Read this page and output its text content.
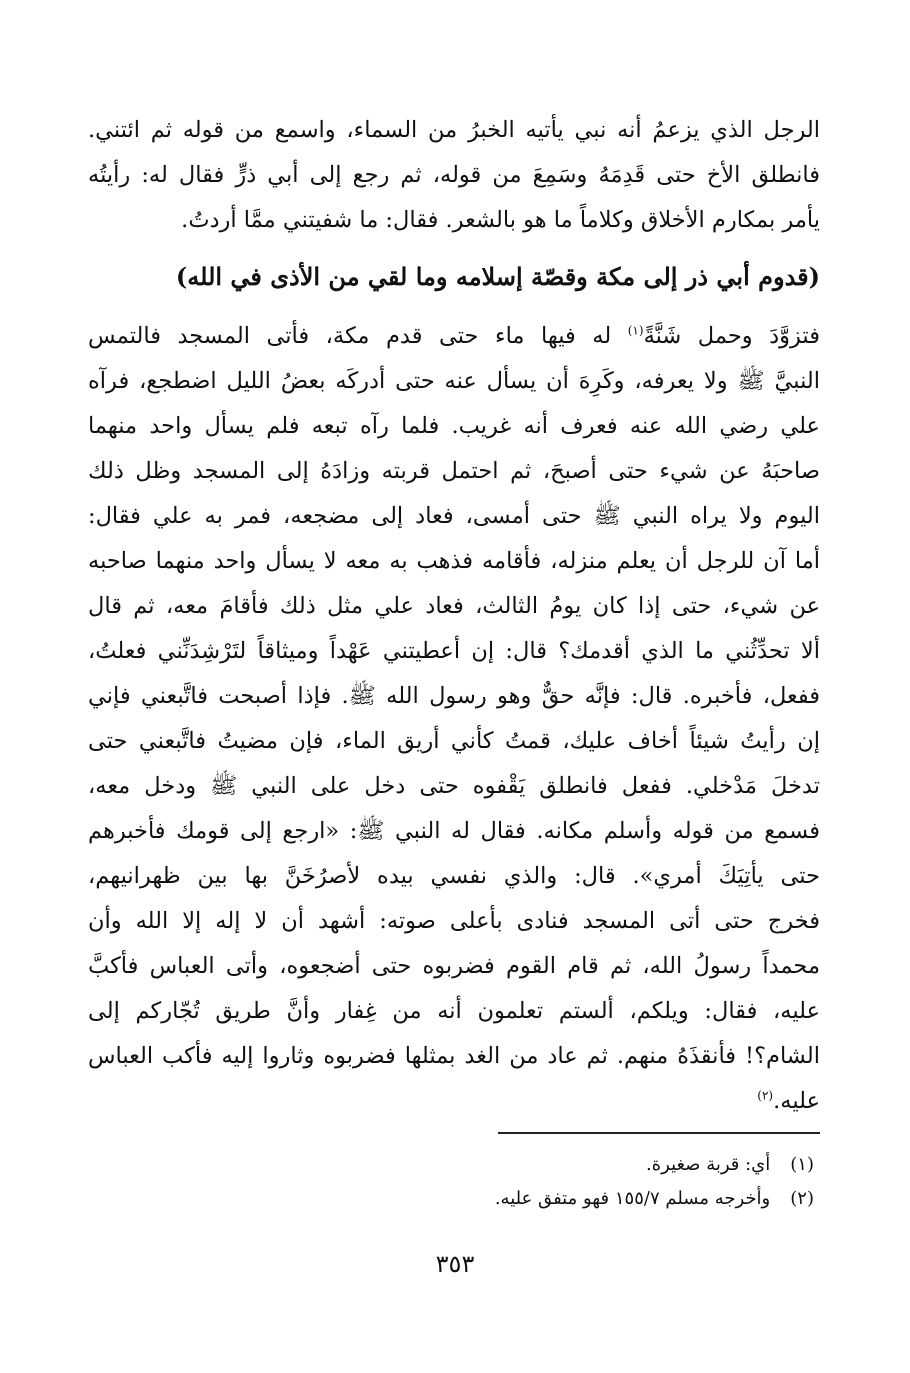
الرجل الذي يزعمُ أنه نبي يأتيه الخبرُ من السماء، واسمع من قوله ثم ائتني.
فانطلق الأخ حتى قَدِمَهُ وسَمِعَ من قوله، ثم رجع إلى أبي ذرٍّ فقال له: رأيتُه
يأمر بمكارم الأخلاق وكلاماً ما هو بالشعر. فقال: ما شفيتني ممَّا أردتُ.
(قدوم أبي ذر إلى مكة وقصّة إسلامه وما لقي من الأذى في الله)
فتزوَّدَ وحمل شَنَّةً$^{(١)}$ له فيها ماء حتى قدم مكة، فأتى المسجد فالتمس
النبيَّ ﷺ ولا يعرفه، وكَرِهَ أن يسأل عنه حتى أدركَه بعضُ الليل اضطجع، فرآه
علي رضي الله عنه فعرف أنه غريب. فلما رآه تبعه فلم يسأل واحد منهما
صاحبَهُ عن شيء حتى أصبحَ، ثم احتمل قربته وزادَهُ إلى المسجد وظل ذلك
اليوم ولا يراه النبي ﷺ حتى أمسى، فعاد إلى مضجعه، فمر به علي فقال:
أما آن للرجل أن يعلم منزله، فأقامه فذهب به معه لا يسأل واحد منهما صاحبه
عن شيء، حتى إذا كان يومُ الثالث، فعاد علي مثل ذلك فأقامَ معه، ثم قال
ألا تحدِّثُني ما الذي أقدمك؟ قال: إن أعطيتني عَهْداً وميثاقاً لتَرْشِدَنِّني فعلتُ،
ففعل، فأخبره. قال: فإنَّه حقٌّ وهو رسول الله ﷺ. فإذا أصبحت فاتَّبعني فإني
إن رأيتُ شيئاً أخاف عليك، قمتُ كأني أريق الماء، فإن مضيتُ فاتَّبعني حتى
تدخلَ مَدْخلي. ففعل فانطلق يَقْفوه حتى دخل على النبي ﷺ ودخل معه،
فسمع من قوله وأسلم مكانه. فقال له النبي ﷺ: «ارجع إلى قومك فأخبرهم
حتى يأتِيَكَ أمري». قال: والذي نفسي بيده لأصرُخَنَّ بها بين ظهرانيهم،
فخرج حتى أتى المسجد فنادى بأعلى صوته: أشهد أن لا إله إلا الله وأن
محمداً رسولُ الله، ثم قام القوم فضربوه حتى أضجعوه، وأتى العباس فأكبَّ
عليه، فقال: ويلكم، ألستم تعلمون أنه من غِفار وأنَّ طريق تُجّاركم إلى
الشام؟! فأنقذَهُ منهم. ثم عاد من الغد بمثلها فضربوه وثاروا إليه فأكب العباس
عليه.$^{(٢)}$
(١) أي: قربة صغيرة.
(٢) وأخرجه مسلم ١٥٥/٧ فهو متفق عليه.
٣٥٣
